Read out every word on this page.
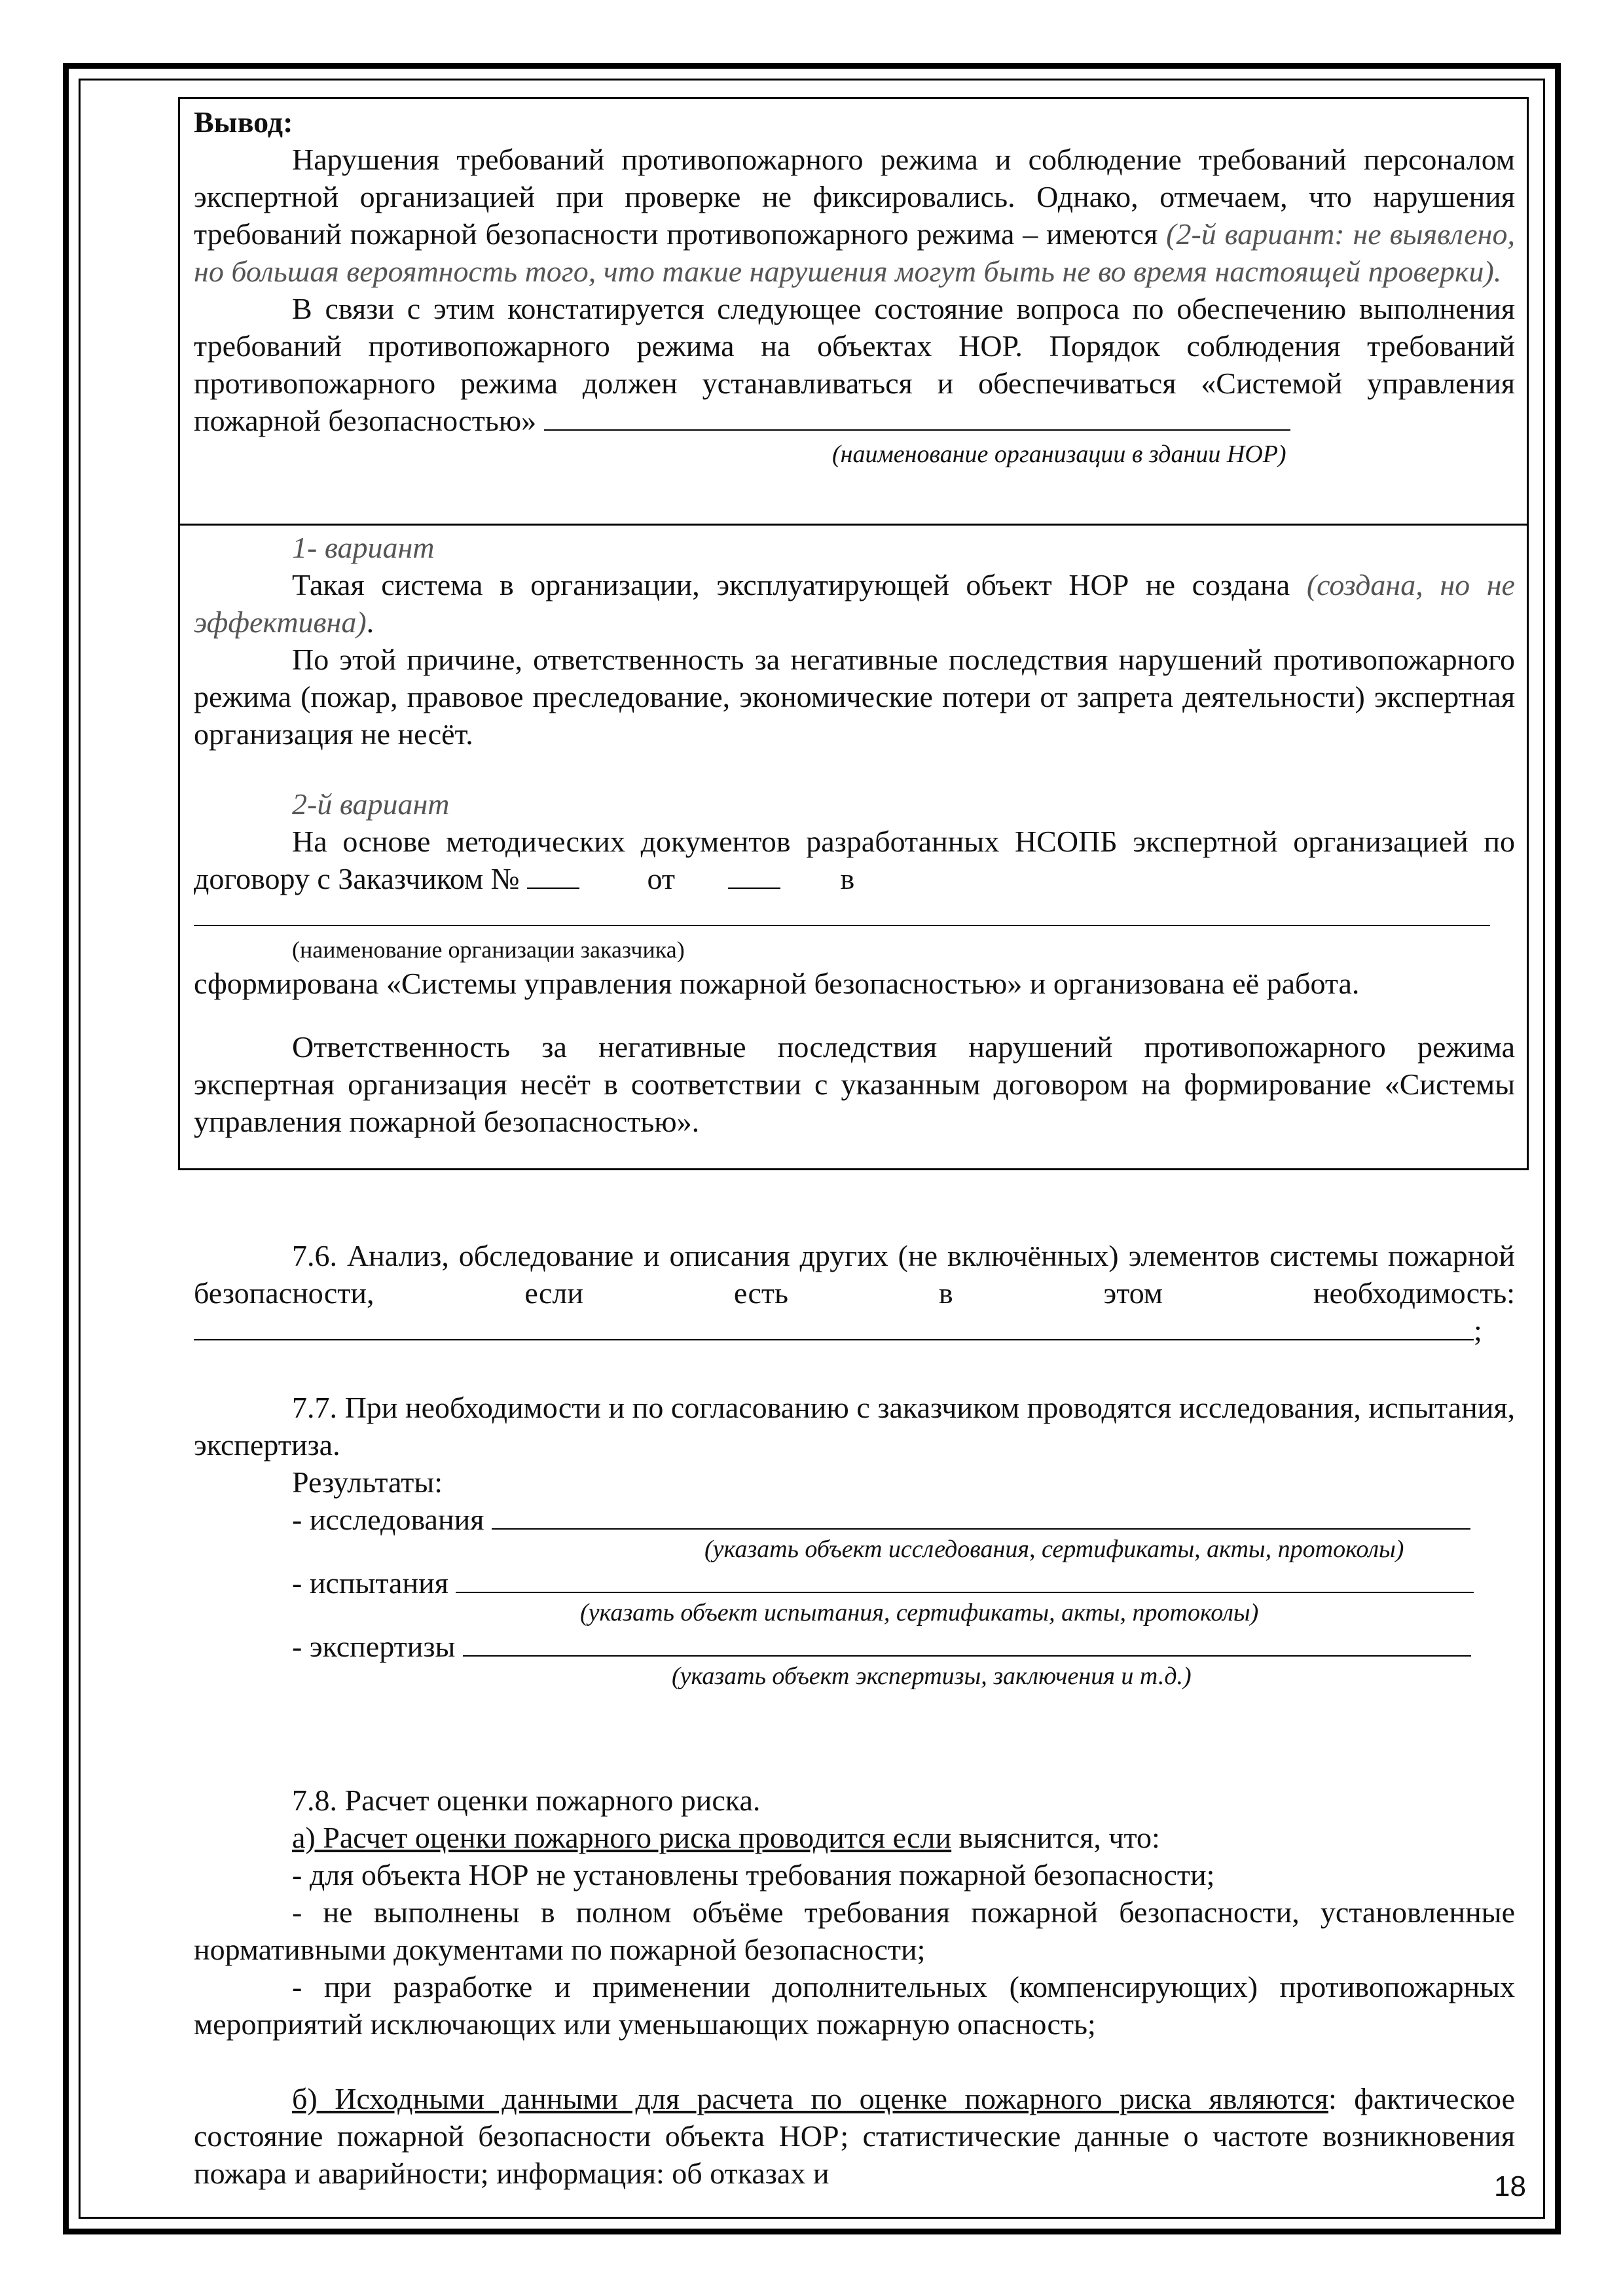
Вывод:

Нарушения требований противопожарного режима и соблюдение требований персоналом экспертной организацией при проверке не фиксировались. Однако, отмечаем, что нарушения требований пожарной безопасности противопожарного режима – имеются (2-й вариант: не выявлено, но большая вероятность того, что такие нарушения могут быть не во время настоящей проверки).

В связи с этим констатируется следующее состояние вопроса по обеспечению выполнения требований противопожарного режима на объектах НОР. Порядок соблюдения требований противопожарного режима должен устанавливаться и обеспечиваться «Системой управления пожарной безопасностью»

(наименование организации в здании НОР)

1- вариант

Такая система в организации, эксплуатирующей объект НОР не создана (создана, но не эффективна).

По этой причине, ответственность за негативные последствия нарушений противопожарного режима (пожар, правовое преследование, экономические потери от запрета деятельности) экспертная организация не несёт.

2-й вариант

На основе методических документов разработанных НСОПБ экспертной организацией по договору с Заказчиком №	от	в

(наименование организации заказчика)

сформирована «Системы управления пожарной безопасностью» и организована её работа.

Ответственность за негативные последствия нарушений противопожарного режима экспертная организация несёт в соответствии с указанным договором на формирование «Системы управления пожарной безопасностью».

7.6. Анализ, обследование и описания других (не включённых) элементов системы пожарной безопасности, если есть в этом необходимость:

;

7.7. При необходимости и по согласованию с заказчиком проводятся исследования, испытания, экспертиза.

Результаты:

- исследования

(указать объект исследования, сертификаты, акты, протоколы)

- испытания

(указать объект испытания, сертификаты, акты, протоколы)

- экспертизы

(указать объект экспертизы, заключения и т.д.)

7.8. Расчет оценки пожарного риска.

а) Расчет оценки пожарного риска проводится если выяснится, что:

- для объекта НОР не установлены требования пожарной безопасности;

- не выполнены в полном объёме требования пожарной безопасности, установленные нормативными документами по пожарной безопасности;

- при разработке и применении дополнительных (компенсирующих) противопожарных мероприятий исключающих или уменьшающих пожарную опасность;

б) Исходными данными для расчета по оценке пожарного риска являются: фактическое состояние пожарной безопасности объекта НОР; статистические данные о частоте возникновения пожара и аварийности; информация: об отказах и	18
